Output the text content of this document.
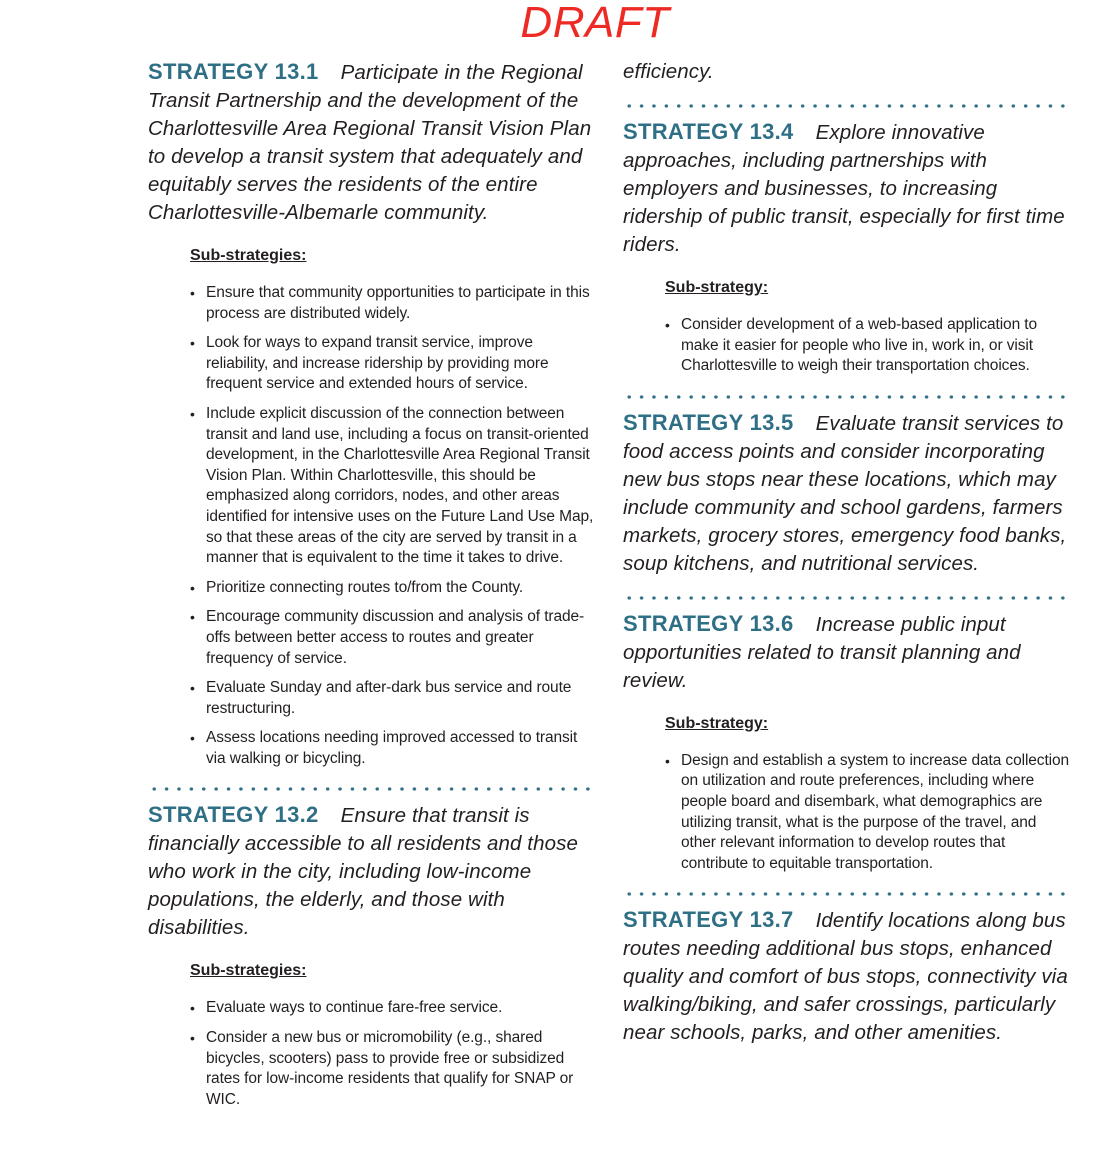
DRAFT
STRATEGY 13.1 Participate in the Regional Transit Partnership and the development of the Charlottesville Area Regional Transit Vision Plan to develop a transit system that adequately and equitably serves the residents of the entire Charlottesville-Albemarle community.
Sub-strategies:
• Ensure that community opportunities to participate in this process are distributed widely.
• Look for ways to expand transit service, improve reliability, and increase ridership by providing more frequent service and extended hours of service.
• Include explicit discussion of the connection between transit and land use, including a focus on transit-oriented development, in the Charlottesville Area Regional Transit Vision Plan. Within Charlottesville, this should be emphasized along corridors, nodes, and other areas identified for intensive uses on the Future Land Use Map, so that these areas of the city are served by transit in a manner that is equivalent to the time it takes to drive.
• Prioritize connecting routes to/from the County.
• Encourage community discussion and analysis of trade-offs between better access to routes and greater frequency of service.
• Evaluate Sunday and after-dark bus service and route restructuring.
• Assess locations needing improved accessed to transit via walking or bicycling.
STRATEGY 13.2 Ensure that transit is financially accessible to all residents and those who work in the city, including low-income populations, the elderly, and those with disabilities.
Sub-strategies:
• Evaluate ways to continue fare-free service.
• Consider a new bus or micromobility (e.g., shared bicycles, scooters) pass to provide free or subsidized rates for low-income residents that qualify for SNAP or WIC.
efficiency.
STRATEGY 13.4 Explore innovative approaches, including partnerships with employers and businesses, to increasing ridership of public transit, especially for first time riders.
Sub-strategy:
• Consider development of a web-based application to make it easier for people who live in, work in, or visit Charlottesville to weigh their transportation choices.
STRATEGY 13.5 Evaluate transit services to food access points and consider incorporating new bus stops near these locations, which may include community and school gardens, farmers markets, grocery stores, emergency food banks, soup kitchens, and nutritional services.
STRATEGY 13.6 Increase public input opportunities related to transit planning and review.
Sub-strategy:
• Design and establish a system to increase data collection on utilization and route preferences, including where people board and disembark, what demographics are utilizing transit, what is the purpose of the travel, and other relevant information to develop routes that contribute to equitable transportation.
STRATEGY 13.7 Identify locations along bus routes needing additional bus stops, enhanced quality and comfort of bus stops, connectivity via walking/biking, and safer crossings, particularly near schools, parks, and other amenities.
